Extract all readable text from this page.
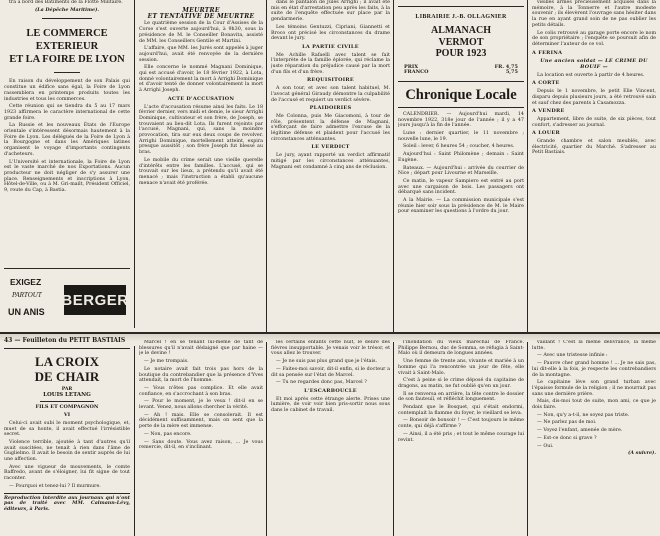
tra à bord des Bâtiments de la Flotte Militaire.

(La Dépêche Maritime).
LE COMMERCE
EXTERIEUR
ET LA FOIRE DE LYON

En raison du développement de son Palais qui constitue un édifice sans égal, la Foire de Lyon rassemblera en printemps produits toutes les industries et tous les commerces.

Cette réunion qui se tiendra du 5 au 17 mars 1923 affirmera le caractère international de cette grande foire.

La Russie et les nouveaux États de l'Europe orientale s'intéressent désormais hautement à la Foire de Lyon. Les délégués de la Foire de Lyon à la Bourgogne et dans les Amériques latines organisent le voyage d'importants contingents d'acheteurs.

L'Université et internationale, la Foire de Lyon est le vaste marché de nos Exportations. Aucun producteur ne doit négliger de s'y assurer une place. Renseignements et inscriptions à Lyon, Hôtel-de-Ville, ou à M. Gri-mailt, Président Officiel, 9, route du Cap, à Bastia.

EXIGEZ
PARTOUT
UN ANIS
BERGER
MEURTRE
ET TENTATIVE DE MEURTRE

Le quatrième session de la Cour d'Assises de la Corse s'est ouverte aujourd'hui, à 9h30, sous la présidence de M. le Conseiller Bonavita, assisté de MM. les Conseillers Gentile et Martini.

L'affaire, que MM. les Jurés sont appelés à juger aujourd'hui, avait été renvoyée de la dernière session.

Elle concerne le nommé Magnani Dominique, qui est accusé d'avoir, le 18 février 1922, à Lota, donné volontairement la mort à Arrighi Dominique et d'avoir tenté de donner volontairement la mort à Arrighi Joseph.

ACTE D'ACCUSATION

L'acte d'accusation résume ainsi les faits. Le 18 février dernier, vers midi et demie, le sieur Arrighi Dominique, cultivateur et son frère, de Joseph, se trouvaient au lieu-dit Lota. Ils furent rejoints par l'accusé, Magnani, qui, sans la moindre provocation, tira sur eux deux coups de revolver. Arrighi Dominique, mortellement atteint, expira presque aussitôt ; son frère Joseph fut blessé au bras.

Le mobile du crime serait une vieille querelle d'intérêts entre les familles. L'accusé, qui se trouvait sur les lieux, a prétendu qu'il avait été menacé ; mais l'instruction a établi qu'aucune menace n'avait été proférée.

dans le pantalon de Jules Arrighi ; il avait été mis en état d'arrestation peu après les faits, à la suite de l'enquête effectuée sur place par la gendarmerie.

Les témoins Gentuzzi, Cipriani, Giannetti et Broco ont précisé les circonstances du drame devant le jury.

LA PARTIE CIVILE

Me Achille Rafaelli avec talent se fait l'interprète de la famille éplorée, qui réclame la juste réparation du préjudice causé par la mort d'un fils et d'un frère.

REQUISITOIRE

A son tour, et avec son talent habituel, M. l'avocat général Giraudy démontre la culpabilité de l'accusé et requiert un verdict sévère.

PLAIDOIRIES

Me Colonna, puis Me Giacomoni, à tour de rôle, présentent la défense de Magnani, s'efforçant de faire admettre l'excuse de la légitime défense et plaident pour l'accusé les circonstances atténuantes.

LE VERDICT

Le jury, ayant rapporté un verdict affirmatif mitigé par les circonstances atténuantes, Magnani est condamné à cinq ans de réclusion.

LIBRAIRIE J.-B. OLLAGNIER
ALMANACH
VERMOT
POUR 1923
PRIX	FR. 4,75
FRANCO	5,75
Chronique Locale

CALENDRIER. — Aujourd'hui mardi, 14 novembre 1922, 318e jour de l'année ; il y a 47 jours jusqu'à la fin de l'année.

Lune : dernier quartier, le 11 novembre ; nouvelle lune, le 19.

Soleil : lever, 6 heures 54 ; coucher, 4 heures.

Aujourd'hui : Saint Philomène ; demain : Saint Eugène.

Bateaux. — Aujourd'hui : arrivée du courrier de Nice ; départ pour Livourne et Marseille.

Ce matin, le vapeur Sampiero est entré au port avec une cargaison de bois. Les passagers ont débarqué sans incident.

A la Mairie. — La commission municipale s'est réunie hier soir sous la présidence de M. le Maire pour examiner les questions à l'ordre du jour.

vieilles armes précieusement acquises dans la mémoire, à la Tonnerre et l'autre modeste souvenir ; ils élevèrent l'ouvrage sans hésiter dans la rue en ayant grand soin de ne pas oublier les petits détails.

Le colis retrouvé au garage porte encore le nom de son propriétaire ; l'enquête se poursuit afin de déterminer l'auteur de ce vol.

A FERINA
Une ancien soldat — LE CRIME DU BOUIF —

La location est ouverte à partir de 4 heures.

A CORTE

Depuis le 1 novembre, le petit Elie Vincent, disparu depuis plusieurs jours, a été retrouvé sain et sauf chez des parents à Casamozza.

A VENDRE

Appartement, libre de suite, de six pièces, tout confort, s'adresser au journal.

A LOUER

Grande chambre et salon meublés, avec électricité, quartier du Marché. S'adresser au Petit Bastiais.

43 — Feuilleton du PETIT BASTIAIS
LA CROIX
DE CHAIR
PAR
LOUIS LETANG
FILS ET COMPAGNON
VI

Celui-ci avait subi le moment psychologique, et, muet de sa honte, il avait effectué l'irrésistible secret.

Violence terrible, ajoutée à tant d'autres qu'il avait suscitées, ne tenait à rien dans l'âme de Guglielmo. Il avait le besoin de sentir auprès de lui une affection.

Avec une vigueur de mouvements, le comte Baffredo, avant de s'éloigner, lui fit signe de tout raconter.

— Pourquoi et tenez-lui ? Il murmure.

Reproduction interdite aux journaux qui n'ont pas de traité avec MM. Calmann-Lévy, éditeurs, à Paris.

Marcel ! en se tenant lui-même de tant de blessures qu'il n'avait dédaigné que par haine — je le devine !

— Je me trompais.

Le notaire avait fait trois pas hors de la boutique du contrebandier que la présence d'Yves attendait, la mort de l'homme.

— Vous n'êtes pas complice. Et elle avait confiance, en s'accrochant à son bras.

— Pour le moment, je le veux ! dit-il en se levant. Venez, nous allons chercher la vérité.

— Ah ! mais. Elle se consolerait. Il est décidément suffisamment, mais on sent que la perte de la mère est immense.

— Non, pas encore.

— Sans doute. Vous avez raison, ... Je vous remercie, dit-il, en s'inclinant.

les certains enfants cette nuit, le délire des fièvres insupportable. Je venais voir le trésor, et vous allez le trouver.

— Je ne suis pas plus grand que je l'étais.

— Faites-moi savoir, dit-il enfin, si le docteur a dit sa pensée sur l'état de Marcel.

— Tu ne regardes donc pas, Marcel ?

L'ESCARBOUCLE

Et moi après cette étrange alerte. Prises une lumière, de voir voir bien pris-sortir nous sous dans le cabinet de travail.

l'inondation du vieux maréchal de France. Philippe Bernou, duc de Somma, se réfugia à Saint-Malo où il demeura de longues années.

Une femme de trente ans, vivante et mariée à un homme qui l'a rencontrée un jour de fête, elle vivait à Saint-Malo.

C'est à peine si le crime déposé du capitaine de dragons, au matin, ne fut oublié qu'en un jour.

Il se renversa en arrière, la tête contre le dossier de son fauteuil, et réfléchit longuement.

Pendant que le Bosquet, qui s'était endormi, contemplait la flamme du foyer, le vieillard se leva.

— Bonsoir de bonsoir ! — C'est toujours le même conte, qui déjà s'affirme ?

— Ainsi, il a été pris ; et tout le même courage lui revint.

vaillant ! C'est la même délivrance, la même lutte.

— Avec une tristesse infinie :

— Pauvre cher grand homme ! ... Je ne sais pas, lui dit-elle à la fois, je respecte les contrebandiers de la montagne.

Le capitaine lève son grand turban avec l'épaisse formule de la religion ; il ne mourrait pas sans une dernière prière.

Mais, dis-moi tout de suite, mon ami, ce que je dois faire.

— Non, qu'y a-t-il, ne soyez pas triste.

— Ne parlez pas de moi.

— Voyez l'enfant, amenée de mère.

— Est-ce donc si grave ?

— Oui.

(A suivre).
